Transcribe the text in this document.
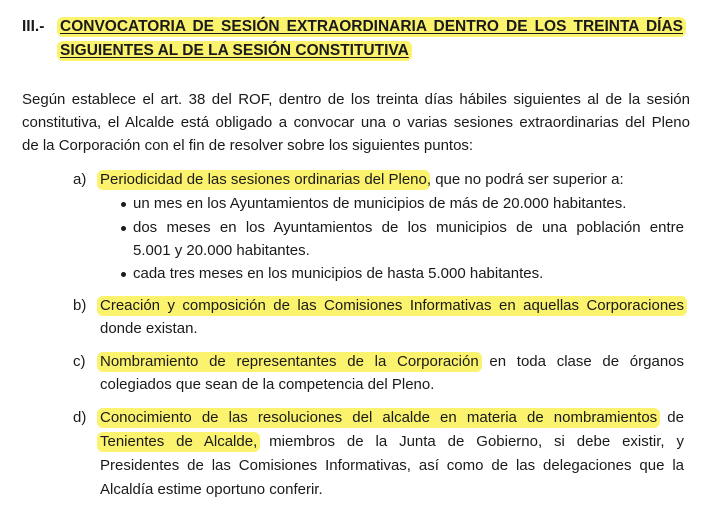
III.- CONVOCATORIA DE SESIÓN EXTRAORDINARIA DENTRO DE LOS TREINTA DÍAS
SIGUIENTES AL DE LA SESIÓN CONSTITUTIVA
Según establece el art. 38 del ROF, dentro de los treinta días hábiles siguientes al de la sesión
constitutiva, el Alcalde está obligado a convocar una o varias sesiones extraordinarias del Pleno
de la Corporación con el fin de resolver sobre los siguientes puntos:
a) Periodicidad de las sesiones ordinarias del Pleno, que no podrá ser superior a:
un mes en los Ayuntamientos de municipios de más de 20.000 habitantes.
dos meses en los Ayuntamientos de los municipios de una población entre
5.001 y 20.000 habitantes.
cada tres meses en los municipios de hasta 5.000 habitantes.
b) Creación y composición de las Comisiones Informativas en aquellas Corporaciones
donde existan.
c) Nombramiento de representantes de la Corporación en toda clase de órganos
colegiados que sean de la competencia del Pleno.
d) Conocimiento de las resoluciones del alcalde en materia de nombramientos de
Tenientes de Alcalde, miembros de la Junta de Gobierno, si debe existir, y
Presidentes de las Comisiones Informativas, así como de las delegaciones que la
Alcaldía estime oportuno conferir.
